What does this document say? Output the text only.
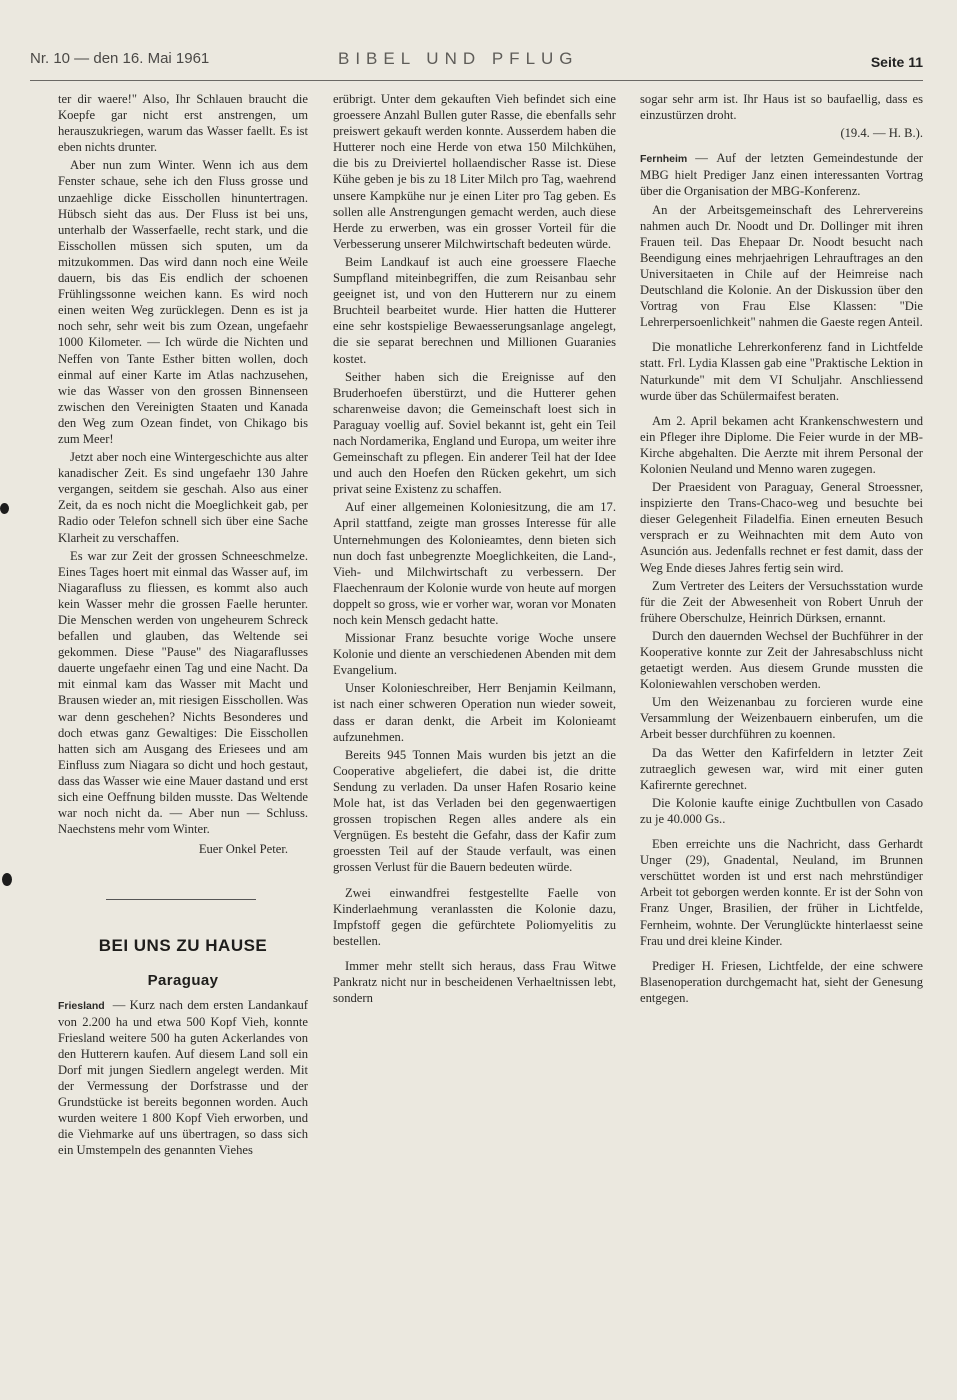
Nr. 10 — den 16. Mai 1961	BIBEL UND PFLUG	Seite 11

ter dir waere!" Also, Ihr Schlauen braucht die Koepfe gar nicht erst anstrengen, um herauszukriegen, warum das Wasser faellt. Es ist eben nichts drunter.

Aber nun zum Winter. Wenn ich aus dem Fenster schaue, sehe ich den Fluss grosse und unzaehlige dicke Eisschollen hinuntertragen. Hübsch sieht das aus. Der Fluss ist bei uns, unterhalb der Wasserfaelle, recht stark, und die Eisschollen müssen sich sputen, um da mitzukommen. Das wird dann noch eine Weile dauern, bis das Eis endlich der schoenen Frühlingssonne weichen kann. Es wird noch einen weiten Weg zurücklegen. Denn es ist ja noch sehr, sehr weit bis zum Ozean, ungefaehr 1000 Kilometer. — Ich würde die Nichten und Neffen von Tante Esther bitten wollen, doch einmal auf einer Karte im Atlas nachzusehen, wie das Wasser von den grossen Binnenseen zwischen den Vereinigten Staaten und Kanada den Weg zum Ozean findet, von Chikago bis zum Meer!

Jetzt aber noch eine Wintergeschichte aus alter kanadischer Zeit. Es sind ungefaehr 130 Jahre vergangen, seitdem sie geschah. Also aus einer Zeit, da es noch nicht die Moeglichkeit gab, per Radio oder Telefon schnell sich über eine Sache Klarheit zu verschaffen.

Es war zur Zeit der grossen Schneeschmelze. Eines Tages hoert mit einmal das Wasser auf, im Niagarafluss zu fliessen, es kommt also auch kein Wasser mehr die grossen Faelle herunter. Die Menschen werden von ungeheurem Schreck befallen und glauben, das Weltende sei gekommen. Diese "Pause" des Niagaraflusses dauerte ungefaehr einen Tag und eine Nacht. Da mit einmal kam das Wasser mit Macht und Brausen wieder an, mit riesigen Eisschollen. Was war denn geschehen? Nichts Besonderes und doch etwas ganz Gewaltiges: Die Eisschollen hatten sich am Ausgang des Eriesees und am Einfluss zum Niagara so dicht und hoch gestaut, dass das Wasser wie eine Mauer dastand und erst sich eine Oeffnung bilden musste. Das Weltende war noch nicht da. — Aber nun — Schluss. Naechstens mehr vom Winter.

Euer Onkel Peter.
BEI UNS ZU HAUSE
Paraguay

Friesland — Kurz nach dem ersten Landankauf von 2.200 ha und etwa 500 Kopf Vieh, konnte Friesland weitere 500 ha guten Ackerlandes von den Hutterern kaufen. Auf diesem Land soll ein Dorf mit jungen Siedlern angelegt werden. Mit der Vermessung der Dorfstrasse und der Grundstücke ist bereits begonnen worden. Auch wurden weitere 1 800 Kopf Vieh erworben, und die Viehmarke auf uns übertragen, so dass sich ein Umstempeln des genannten Viehes

erübrigt. Unter dem gekauften Vieh befindet sich eine groessere Anzahl Bullen guter Rasse, die ebenfalls sehr preiswert gekauft werden konnte. Ausserdem haben die Hutterer noch eine Herde von etwa 150 Milchkühen, die bis zu Dreiviertel hollaendischer Rasse ist. Diese Kühe geben je bis zu 18 Liter Milch pro Tag, waehrend unsere Kampkühe nur je einen Liter pro Tag geben. Es sollen alle Anstrengungen gemacht werden, auch diese Herde zu erwerben, was ein grosser Vorteil für die Verbesserung unserer Milchwirtschaft bedeuten würde.

Beim Landkauf ist auch eine groessere Flaeche Sumpfland miteinbegriffen, die zum Reisanbau sehr geeignet ist, und von den Hutterern nur zu einem Bruchteil bearbeitet wurde. Hier hatten die Hutterer eine sehr kostspielige Bewaesserungsanlage angelegt, die sie separat berechnen und Millionen Guaranies kostet.

Seither haben sich die Ereignisse auf den Bruderhoefen überstürzt, und die Hutterer gehen scharenweise davon; die Gemeinschaft loest sich in Paraguay voellig auf. Soviel bekannt ist, geht ein Teil nach Nordamerika, England und Europa, um weiter ihre Gemeinschaft zu pflegen. Ein anderer Teil hat der Idee und auch den Hoefen den Rücken gekehrt, um sich privat seine Existenz zu schaffen.

Auf einer allgemeinen Koloniesitzung, die am 17. April stattfand, zeigte man grosses Interesse für alle Unternehmungen des Kolonieamtes, denn bieten sich nun doch fast unbegrenzte Moeglichkeiten, die Land-, Vieh- und Milchwirtschaft zu verbessern. Der Flaechenraum der Kolonie wurde von heute auf morgen doppelt so gross, wie er vorher war, woran vor Monaten noch kein Mensch gedacht hatte.

Missionar Franz besuchte vorige Woche unsere Kolonie und diente an verschiedenen Abenden mit dem Evangelium.

Unser Kolonieschreiber, Herr Benjamin Keilmann, ist nach einer schweren Operation nun wieder soweit, dass er daran denkt, die Arbeit im Kolonieamt aufzunehmen.

Bereits 945 Tonnen Mais wurden bis jetzt an die Cooperative abgeliefert, die dabei ist, die dritte Sendung zu verladen. Da unser Hafen Rosario keine Mole hat, ist das Verladen bei den gegenwaertigen grossen tropischen Regen alles andere als ein Vergnügen. Es besteht die Gefahr, dass der Kafir zum groessten Teil auf der Staude verfault, was einen grossen Verlust für die Bauern bedeuten würde.

Zwei einwandfrei festgestellte Faelle von Kinderlaehmung veranlassten die Kolonie dazu, Impfstoff gegen die gefürchtete Poliomyelitis zu bestellen.

Immer mehr stellt sich heraus, dass Frau Witwe Pankratz nicht nur in bescheidenen Verhaeltnissen lebt, sondern

sogar sehr arm ist. Ihr Haus ist so baufaellig, dass es einzustürzen droht.

(19.4. — H. B.).

Fernheim — Auf der letzten Gemeindestunde der MBG hielt Prediger Janz einen interessanten Vortrag über die Organisation der MBG-Konferenz.

An der Arbeitsgemeinschaft des Lehrervereins nahmen auch Dr. Noodt und Dr. Dollinger mit ihren Frauen teil. Das Ehepaar Dr. Noodt besucht nach Beendigung eines mehrjaehrigen Lehrauftrages an den Universitaeten in Chile auf der Heimreise nach Deutschland die Kolonie. An der Diskussion über den Vortrag von Frau Else Klassen: "Die Lehrerpersoenlichkeit" nahmen die Gaeste regen Anteil.

Die monatliche Lehrerkonferenz fand in Lichtfelde statt. Frl. Lydia Klassen gab eine "Praktische Lektion in Naturkunde" mit dem VI Schuljahr. Anschliessend wurde über das Schülermaifest beraten.

Am 2. April bekamen acht Krankenschwestern und ein Pfleger ihre Diplome. Die Feier wurde in der MB-Kirche abgehalten. Die Aerzte mit ihrem Personal der Kolonien Neuland und Menno waren zugegen.

Der Praesident von Paraguay, General Stroessner, inspizierte den Trans-Chaco-weg und besuchte bei dieser Gelegenheit Filadelfia. Einen erneuten Besuch versprach er zu Weihnachten mit dem Auto von Asunción aus. Jedenfalls rechnet er fest damit, dass der Weg Ende dieses Jahres fertig sein wird.

Zum Vertreter des Leiters der Versuchsstation wurde für die Zeit der Abwesenheit von Robert Unruh der frühere Oberschulze, Heinrich Dürksen, ernannt.

Durch den dauernden Wechsel der Buchführer in der Kooperative konnte zur Zeit der Jahresabschluss nicht getaetigt werden. Aus diesem Grunde mussten die Koloniewahlen verschoben werden.

Um den Weizenanbau zu forcieren wurde eine Versammlung der Weizenbauern einberufen, um die Arbeit besser durchführen zu koennen.

Da das Wetter den Kafirfeldern in letzter Zeit zutraeglich gewesen war, wird mit einer guten Kafirernte gerechnet.

Die Kolonie kaufte einige Zuchtbullen von Casado zu je 40.000 Gs..

Eben erreichte uns die Nachricht, dass Gerhardt Unger (29), Gnadental, Neuland, im Brunnen verschüttet worden ist und erst nach mehrstündiger Arbeit tot geborgen werden konnte. Er ist der Sohn von Franz Unger, Brasilien, der früher in Lichtfelde, Fernheim, wohnte. Der Verunglückte hinterlaesst seine Frau und drei kleine Kinder.

Prediger H. Friesen, Lichtfelde, der eine schwere Blasenoperation durchgemacht hat, sieht der Genesung entgegen.
